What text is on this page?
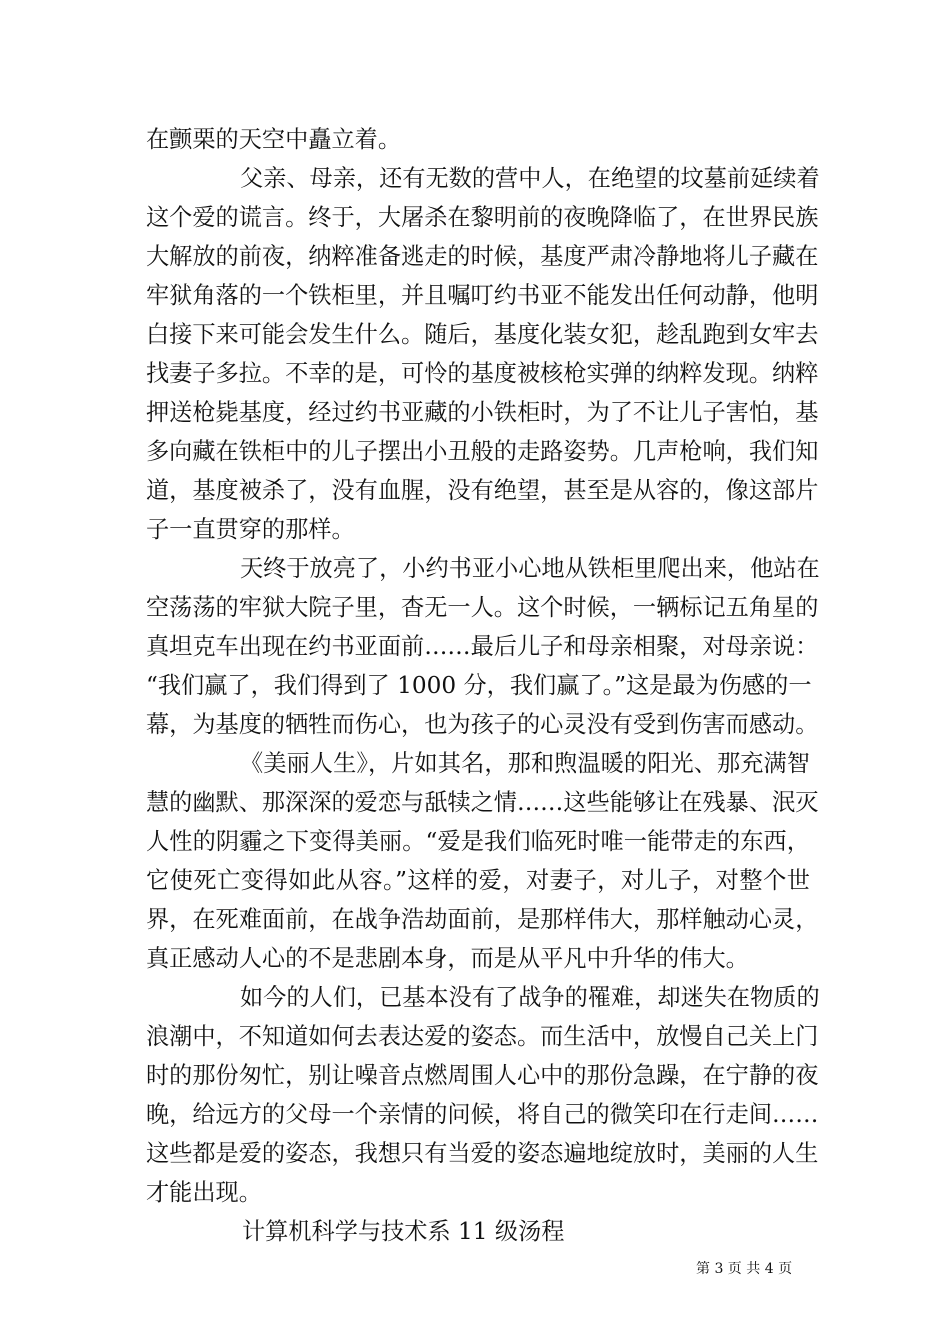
在颤栗的天空中矗立着。
父亲、母亲，还有无数的营中人，在绝望的坟墓前延续着
这个爱的谎言。终于，大屠杀在黎明前的夜晚降临了，在世界民族
大解放的前夜，纳粹准备逃走的时候，基度严肃冷静地将儿子藏在
牢狱角落的一个铁柜里，并且嘱叮约书亚不能发出任何动静，他明
白接下来可能会发生什么。随后，基度化装女犯，趁乱跑到女牢去
找妻子多拉。不幸的是，可怜的基度被核枪实弹的纳粹发现。纳粹
押送枪毙基度，经过约书亚藏的小铁柜时，为了不让儿子害怕，基
多向藏在铁柜中的儿子摆出小丑般的走路姿势。几声枪响，我们知
道，基度被杀了，没有血腥，没有绝望，甚至是从容的，像这部片
子一直贯穿的那样。
天终于放亮了，小约书亚小心地从铁柜里爬出来，他站在
空荡荡的牢狱大院子里，杳无一人。这个时候，一辆标记五角星的
真坦克车出现在约书亚面前……最后儿子和母亲相聚，对母亲说：
“我们赢了，我们得到了 1000 分，我们赢了。”这是最为伤感的一
幕，为基度的牺牲而伤心，也为孩子的心灵没有受到伤害而感动。
《美丽人生》，片如其名，那和煦温暖的阳光、那充满智
慧的幽默、那深深的爱恋与舐犊之情……这些能够让在残暴、泯灭
人性的阴霾之下变得美丽。“爱是我们临死时唯一能带走的东西，
它使死亡变得如此从容。”这样的爱，对妻子，对儿子，对整个世
界，在死难面前，在战争浩劫面前，是那样伟大，那样触动心灵，
真正感动人心的不是悲剧本身，而是从平凡中升华的伟大。
如今的人们，已基本没有了战争的罹难，却迷失在物质的
浪潮中，不知道如何去表达爱的姿态。而生活中，放慢自己关上门
时的那份匆忙，别让噪音点燃周围人心中的那份急躁，在宁静的夜
晚，给远方的父母一个亲情的问候，将自己的微笑印在行走间……
这些都是爱的姿态，我想只有当爱的姿态遍地绽放时，美丽的人生
才能出现。
计算机科学与技术系 11 级汤程
第 3 页 共 4 页
